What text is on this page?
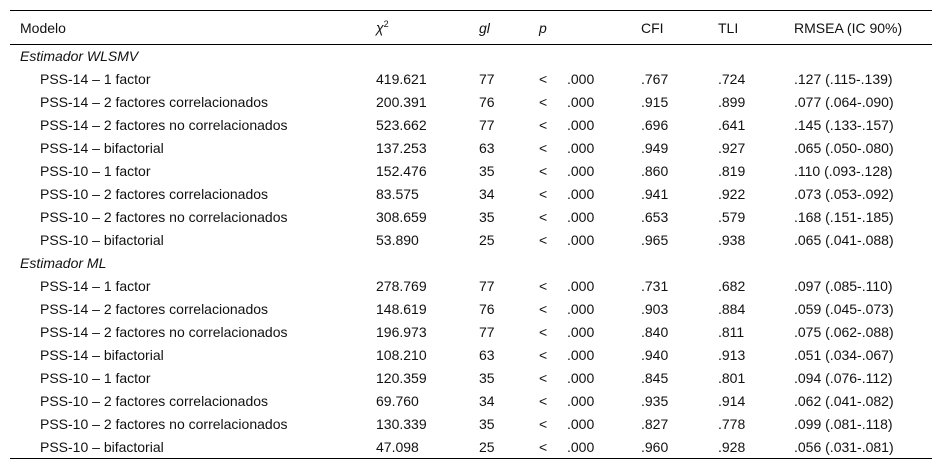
Modelo	$\chi^2$	gl	p		CFI	TLI	RMSEA (IC 90%)
Estimador WLSMV							
PSS-14 – 1 factor	419.621	77	<	.000	.767	.724	.127 (.115-.139)
PSS-14 – 2 factores correlacionados	200.391	76	<	.000	.915	.899	.077 (.064-.090)
PSS-14 – 2 factores no correlacionados	523.662	77	<	.000	.696	.641	.145 (.133-.157)
PSS-14 – bifactorial	137.253	63	<	.000	.949	.927	.065 (.050-.080)
PSS-10 – 1 factor	152.476	35	<	.000	.860	.819	.110 (.093-.128)
PSS-10 – 2 factores correlacionados	83.575	34	<	.000	.941	.922	.073 (.053-.092)
PSS-10 – 2 factores no correlacionados	308.659	35	<	.000	.653	.579	.168 (.151-.185)
PSS-10 – bifactorial	53.890	25	<	.000	.965	.938	.065 (.041-.088)
Estimador ML							
PSS-14 – 1 factor	278.769	77	<	.000	.731	.682	.097 (.085-.110)
PSS-14 – 2 factores correlacionados	148.619	76	<	.000	.903	.884	.059 (.045-.073)
PSS-14 – 2 factores no correlacionados	196.973	77	<	.000	.840	.811	.075 (.062-.088)
PSS-14 – bifactorial	108.210	63	<	.000	.940	.913	.051 (.034-.067)
PSS-10 – 1 factor	120.359	35	<	.000	.845	.801	.094 (.076-.112)
PSS-10 – 2 factores correlacionados	69.760	34	<	.000	.935	.914	.062 (.041-.082)
PSS-10 – 2 factores no correlacionados	130.339	35	<	.000	.827	.778	.099 (.081-.118)
PSS-10 – bifactorial	47.098	25	<	.000	.960	.928	.056 (.031-.081)
